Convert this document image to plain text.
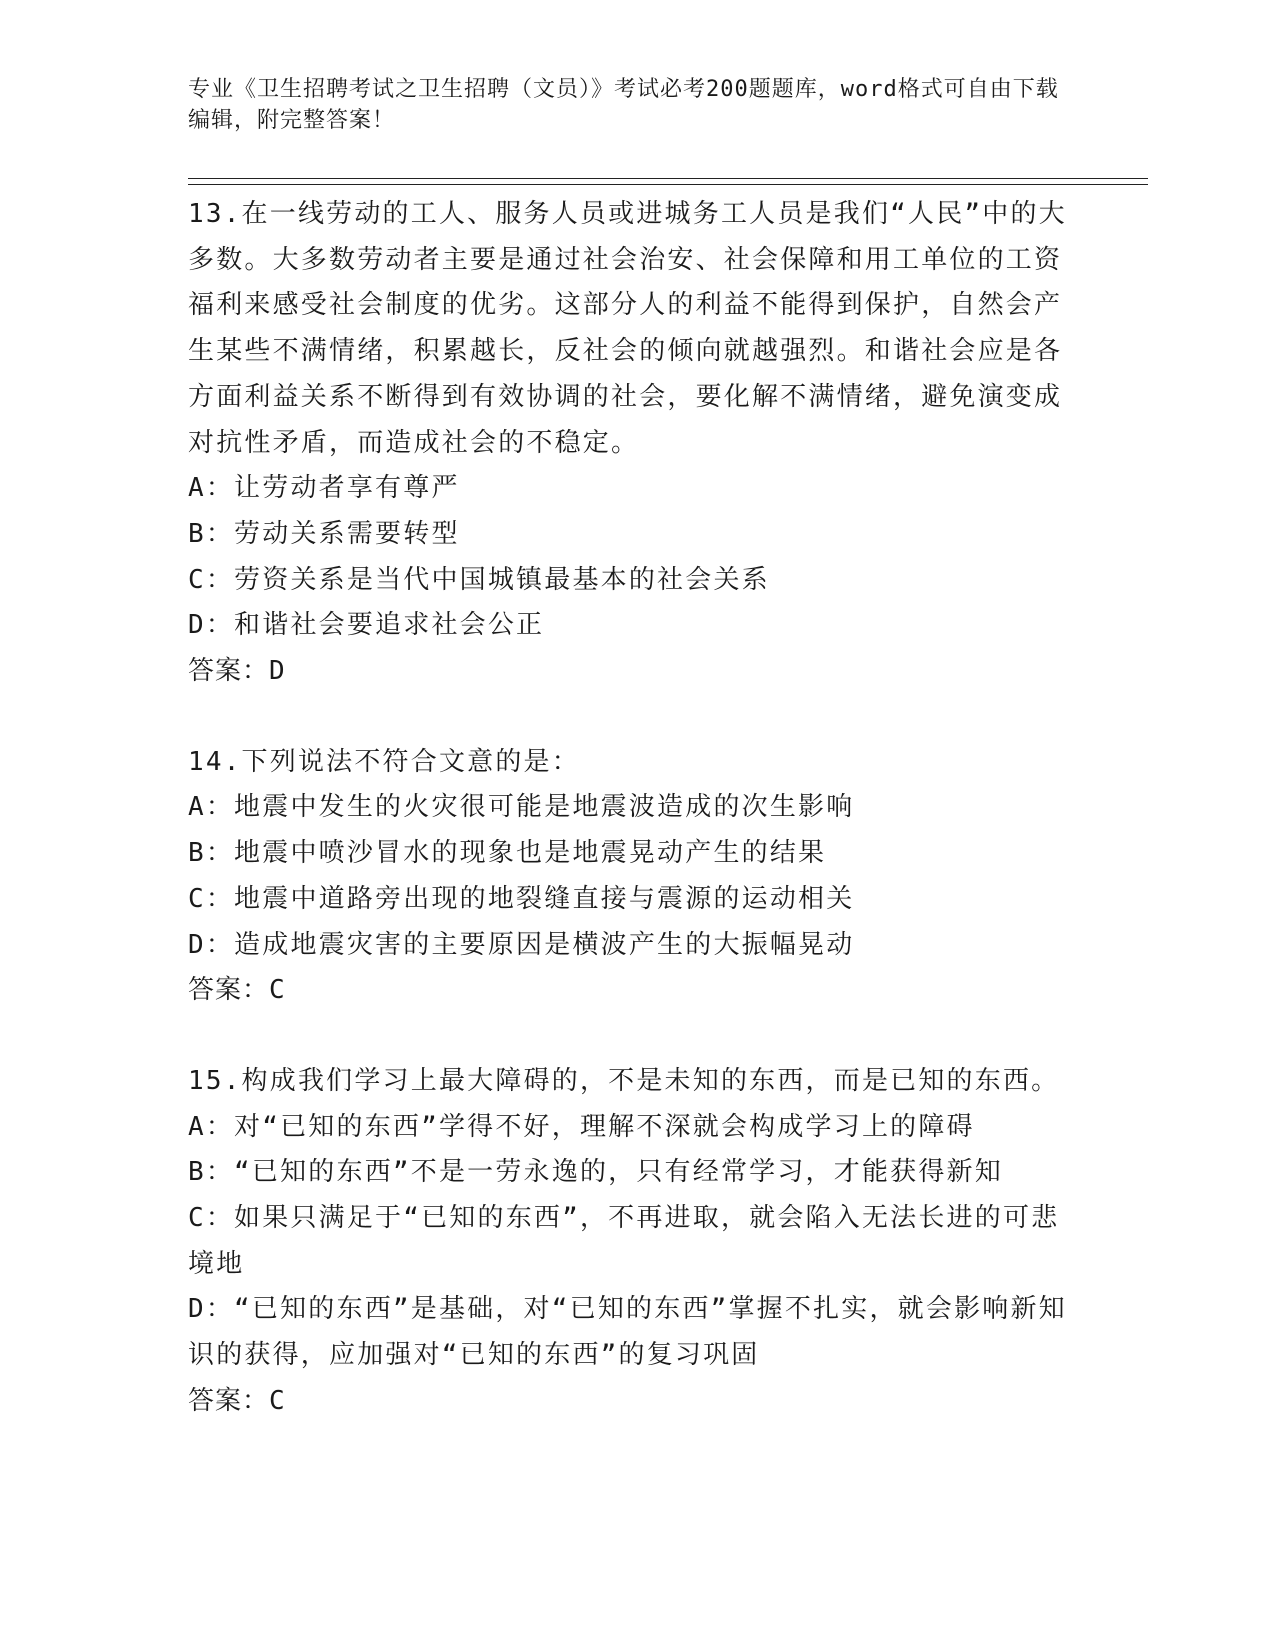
专业《卫生招聘考试之卫生招聘（文员）》考试必考200题题库，word格式可自由下载编辑，附完整答案！
13.在一线劳动的工人、服务人员或进城务工人员是我们“人民”中的大多数。大多数劳动者主要是通过社会治安、社会保障和用工单位的工资福利来感受社会制度的优劣。这部分人的利益不能得到保护，自然会产生某些不满情绪，积累越长，反社会的倾向就越强烈。和谐社会应是各方面利益关系不断得到有效协调的社会，要化解不满情绪，避免演变成对抗性矛盾，而造成社会的不稳定。
A：让劳动者享有尊严
B：劳动关系需要转型
C：劳资关系是当代中国城镇最基本的社会关系
D：和谐社会要追求社会公正
答案：D
14.下列说法不符合文意的是：
A：地震中发生的火灾很可能是地震波造成的次生影响
B：地震中喷沙冒水的现象也是地震晃动产生的结果
C：地震中道路旁出现的地裂缝直接与震源的运动相关
D：造成地震灾害的主要原因是横波产生的大振幅晃动
答案：C
15.构成我们学习上最大障碍的，不是未知的东西，而是已知的东西。
A：对“已知的东西”学得不好，理解不深就会构成学习上的障碍
B：“已知的东西”不是一劳永逸的，只有经常学习，才能获得新知
C：如果只满足于“已知的东西”，不再进取，就会陷入无法长进的可悲境地
D：“已知的东西”是基础，对“已知的东西”掌握不扎实，就会影响新知识的获得，应加强对“已知的东西”的复习巩固
答案：C
